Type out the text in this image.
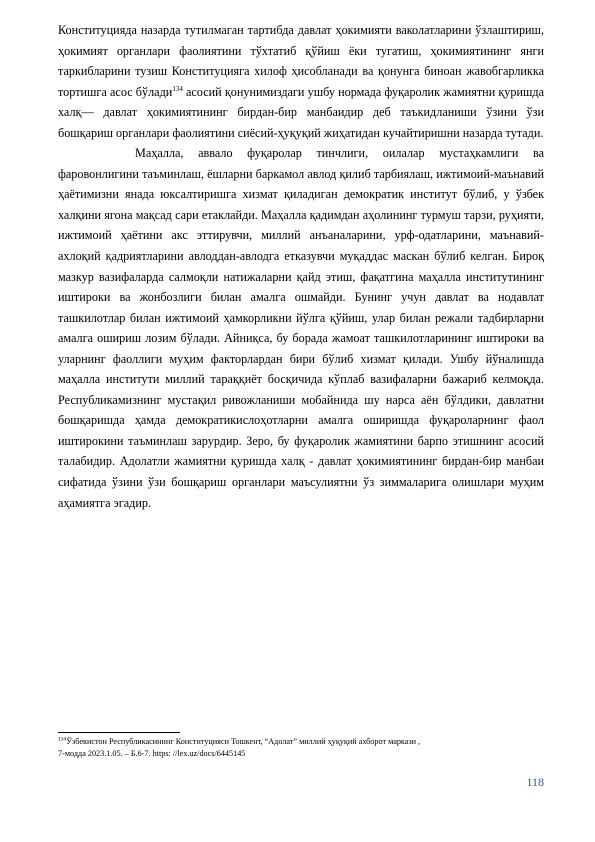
Конституцияда назарда тутилмаган тартибда давлат ҳокимияти ваколатларини ўзлаштириш, ҳокимият органлари фаолиятини тўхтатиб қўйиш ёки тугатиш, ҳокимиятининг янги таркибларини тузиш Конституцияга хилоф ҳисобланади ва қонунга биноан жавобгарликка тортишга асос бўлади$^{134}$ асосий қонунимиздаги ушбу нормада фуқаролик жамиятни қуришда халқ— давлат ҳокимиятининг бирдан-бир манбаидир деб таъкидланиши ўзини ўзи бошқариш органлари фаолиятини сиёсий-ҳуқуқий жиҳатидан кучайтиришни назарда тутади.

Маҳалла, аввало фуқаролар тинчлиги, оилалар мустаҳкамлиги ва фаровонлигини таъминлаш, ёшларни баркамол авлод қилиб тарбиялаш, ижтимоий-маънавий ҳаётимизни янада юксалтиришга хизмат қиладиган демократик институт бўлиб, у ўзбек халқини ягона мақсад сари етаклайди. Маҳалла қадимдан аҳолининг турмуш тарзи, руҳияти, ижтимоий ҳаётини акс эттирувчи, миллий анъаналарини, урф-одатларини, маънавий-ахлоқий қадриятларини авлоддан-авлодга етказувчи муқаддас маскан бўлиб келган. Бироқ мазкур вазифаларда салмоқли натижаларни қайд этиш, фақатгина маҳалла институтининг иштироки ва жонбозлиги билан амалга ошмайди. Бунинг учун давлат ва нодавлат ташкилотлар билан ижтимоий ҳамкорликни йўлга қўйиш, улар билан режали тадбирларни амалга ошириш лозим бўлади. Айниқса, бу борада жамоат ташкилотларининг иштироки ва уларнинг фаоллиги муҳим факторлардан бири бўлиб хизмат қилади. Ушбу йўналишда маҳалла институти миллий тараққиёт босқичида кўплаб вазифаларни бажариб келмоқда. Республикамизнинг мустақил ривожланиши мобайнида шу нарса аён бўлдики, давлатни бошқаришда ҳамда демократикислоҳотларни амалга оширишда фуқароларнинг фаол иштирокини таъминлаш зарурдир. Зеро, бу фуқаролик жамиятини барпо этишнинг асосий талабидир. Адолатли жамиятни қуришда халқ - давлат ҳокимиятининг бирдан-бир манбаи сифатида ўзини ўзи бошқариш органлари маъсулиятни ўз зиммаларига олишлари муҳим аҳамиятга эгадир.

$^{134}$Ўзбекистон Республикасининг Конституцияси Тошкент, “Адолат” миллий ҳуқуқий ахборот маркази ,
7-модда 2023.1.05. – Б.6-7. https: //lex.uz/docs/6445145
118
